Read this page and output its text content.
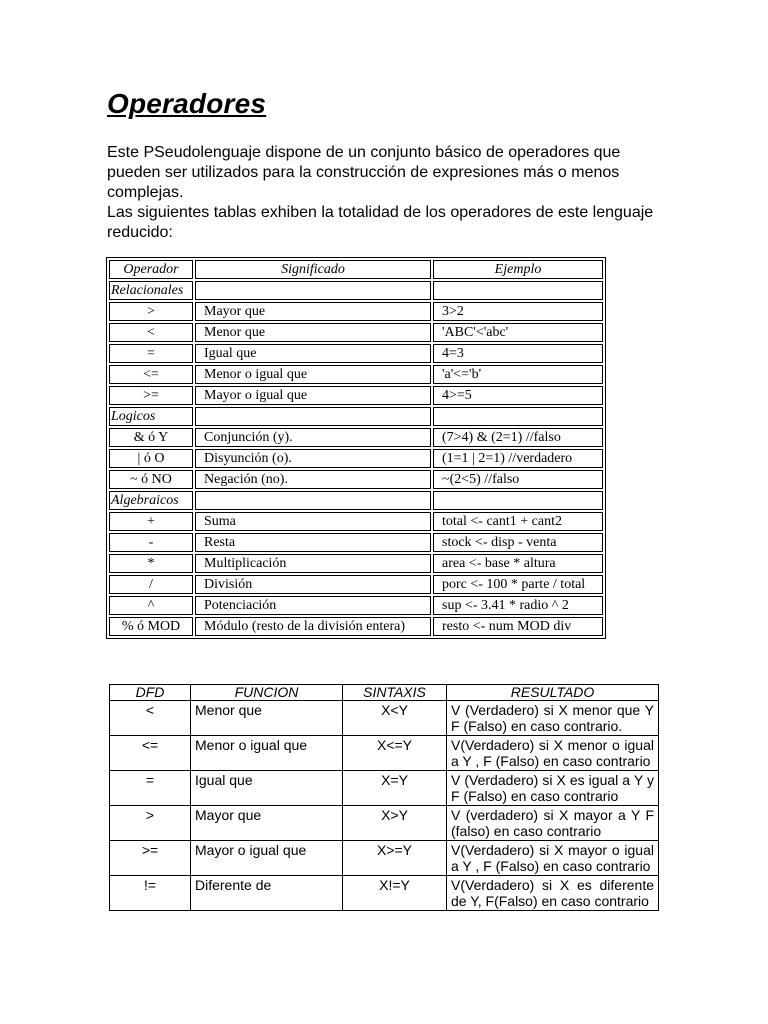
Operadores

Este PSeudolenguaje dispone de un conjunto básico de operadores que pueden ser utilizados para la construcción de expresiones más o menos complejas.

Las siguientes tablas exhiben la totalidad de los operadores de este lenguaje reducido:

Operador	Significado	Ejemplo
Relacionales		
>	Mayor que	3>2
<	Menor que	'ABC'<'abc'
=	Igual que	4=3
<=	Menor o igual que	'a'<='b'
>=	Mayor o igual que	4>=5
Logicos		
& ó Y	Conjunción (y).	(7>4) & (2=1) //falso
| ó O	Disyunción (o).	(1=1 | 2=1) //verdadero
~ ó NO	Negación (no).	~(2<5) //falso
Algebraicos		
+	Suma	total <- cant1 + cant2
-	Resta	stock <- disp - venta
*	Multiplicación	area <- base * altura
/	División	porc <- 100 * parte / total
^	Potenciación	sup <- 3.41 * radio ^ 2
% ó MOD	Módulo (resto de la división entera)	resto <- num MOD div
DFD	FUNCION	SINTAXIS	RESULTADO
<	Menor que	X<Y	V (Verdadero) si X menor que Y F (Falso) en caso contrario.
<=	Menor o igual que	X<=Y	V(Verdadero) si X menor o igual a Y , F (Falso) en caso contrario
=	Igual que	X=Y	V (Verdadero) si X es igual a Y y F (Falso) en caso contrario
>	Mayor que	X>Y	V (verdadero) si X mayor a Y F (falso) en caso contrario
>=	Mayor o igual que	X>=Y	V(Verdadero) si X mayor o igual a Y , F (Falso) en caso contrario
!=	Diferente de	X!=Y	V(Verdadero) si X es diferente de Y, F(Falso) en caso contrario
